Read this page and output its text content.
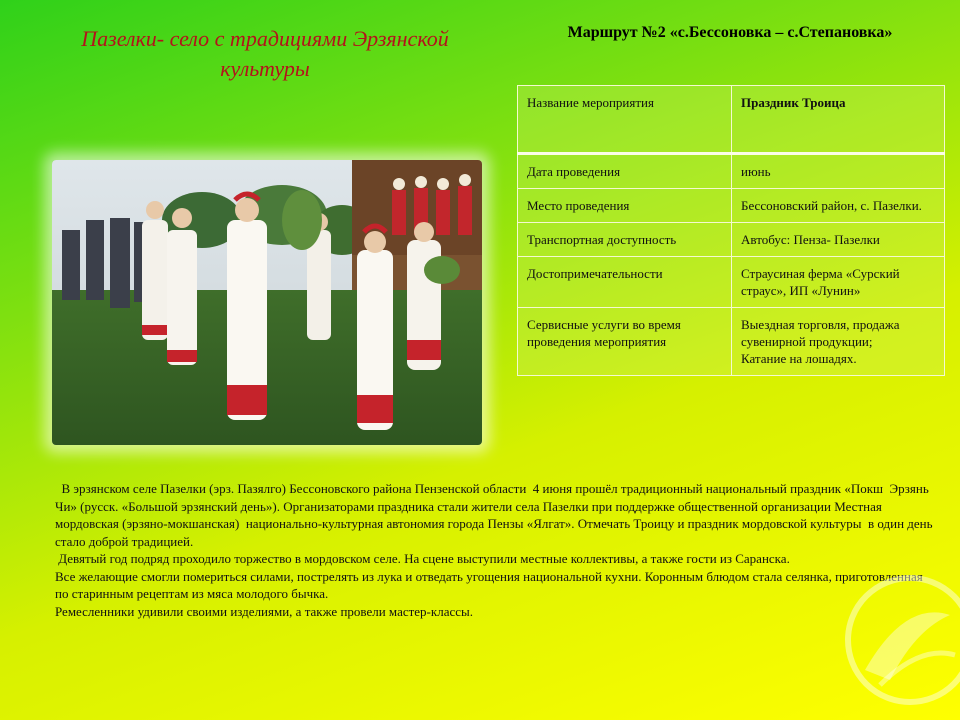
Пазелки- село с традициями Эрзянской культуры
Маршрут №2 «с.Бессоновка – с.Степановка»
Название мероприятия	Праздник Троица
Дата проведения	июнь
Место проведения	Бессоновский район, с. Пазелки.
Транспортная доступность	Автобус: Пенза- Пазелки
Достопримечательности	Страусиная ферма «Сурский страус», ИП «Лунин»
Сервисные услуги во время проведения мероприятия	Выездная торговля, продажа сувенирной продукции;
Катание на лошадях.

В эрзянском селе Пазелки (эрз. Пазялго) Бессоновского района Пензенской области  4 июня прошёл традиционный национальный праздник «Покш  Эрзянь Чи» (русск. «Большой эрзянский день»). Организаторами праздника стали жители села Пазелки при поддержке общественной организации Местная мордовская (эрзяно-мокшанская)  национально-культурная автономия города Пензы «Ялгат». Отмечать Троицу и праздник мордовской культуры  в один день стало доброй традицией.

Девятый год подряд проходило торжество в мордовском селе. На сцене выступили местные коллективы, а также гости из Саранска.

Все желающие смогли помериться силами, пострелять из лука и отведать угощения национальной кухни. Коронным блюдом стала селянка, приготовленная по старинным рецептам из мяса молодого бычка.

Ремесленники удивили своими изделиями, а также провели мастер-классы.
